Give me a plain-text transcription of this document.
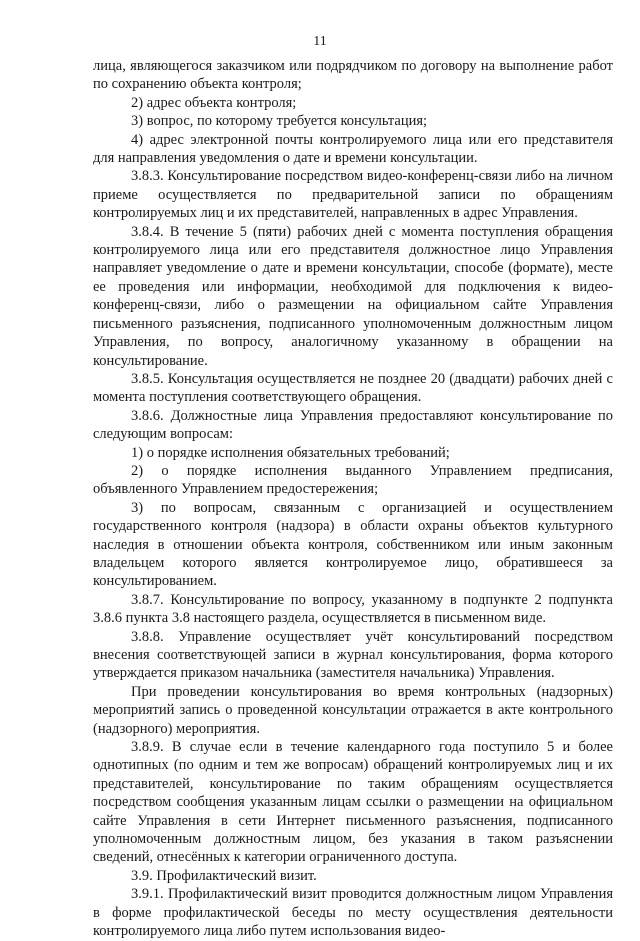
11

лица, являющегося заказчиком или подрядчиком по договору на выполнение работ по сохранению объекта контроля;

2) адрес объекта контроля;

3) вопрос, по которому требуется консультация;

4) адрес электронной почты контролируемого лица или его представителя для направления уведомления о дате и времени консультации.

3.8.3. Консультирование посредством видео-конференц-связи либо на личном приеме осуществляется по предварительной записи по обращениям контролируемых лиц и их представителей, направленных в адрес Управления.

3.8.4. В течение 5 (пяти) рабочих дней с момента поступления обращения контролируемого лица или его представителя должностное лицо Управления направляет уведомление о дате и времени консультации, способе (формате), месте ее проведения или информации, необходимой для подключения к видео-конференц-связи, либо о размещении на официальном сайте Управления письменного разъяснения, подписанного уполномоченным должностным лицом Управления, по вопросу, аналогичному указанному в обращении на консультирование.

3.8.5. Консультация осуществляется не позднее 20 (двадцати) рабочих дней с момента поступления соответствующего обращения.

3.8.6. Должностные лица Управления предоставляют консультирование по следующим вопросам:

1) о порядке исполнения обязательных требований;

2) о порядке исполнения выданного Управлением предписания, объявленного Управлением предостережения;

3) по вопросам, связанным с организацией и осуществлением государственного контроля (надзора) в области охраны объектов культурного наследия в отношении объекта контроля, собственником или иным законным владельцем которого является контролируемое лицо, обратившееся за консультированием.

3.8.7. Консультирование по вопросу, указанному в подпункте 2 подпункта 3.8.6 пункта 3.8 настоящего раздела, осуществляется в письменном виде.

3.8.8. Управление осуществляет учёт консультирований посредством внесения соответствующей записи в журнал консультирования, форма которого утверждается приказом начальника (заместителя начальника) Управления.

При проведении консультирования во время контрольных (надзорных) мероприятий запись о проведенной консультации отражается в акте контрольного (надзорного) мероприятия.

3.8.9. В случае если в течение календарного года поступило 5 и более однотипных (по одним и тем же вопросам) обращений контролируемых лиц и их представителей, консультирование по таким обращениям осуществляется посредством сообщения указанным лицам ссылки о размещении на официальном сайте Управления в сети Интернет письменного разъяснения, подписанного уполномоченным должностным лицом, без указания в таком разъяснении сведений, отнесённых к категории ограниченного доступа.

3.9. Профилактический визит.

3.9.1. Профилактический визит проводится должностным лицом Управления в форме профилактической беседы по месту осуществления деятельности контролируемого лица либо путем использования видео-
